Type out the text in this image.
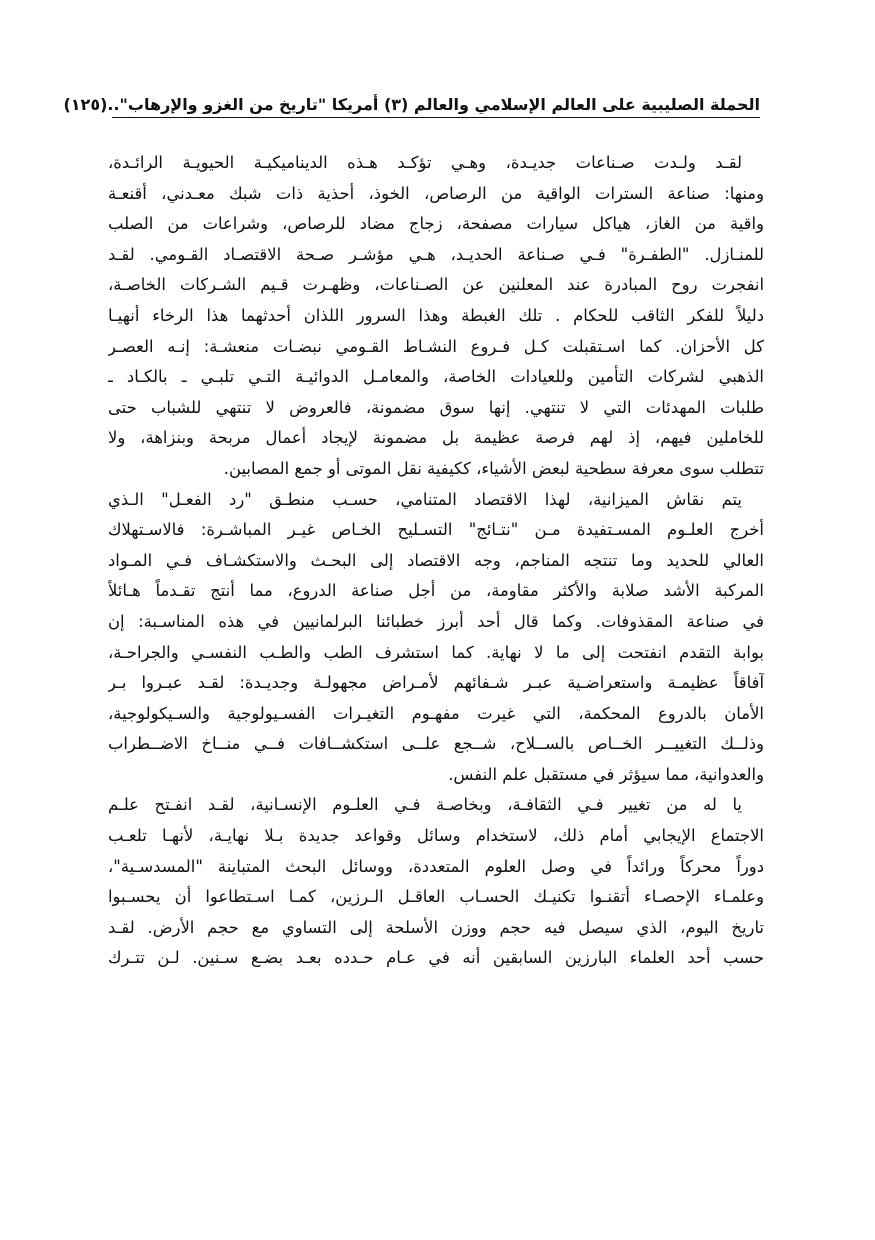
الحملة الصليبية على العالم الإسلامي والعالم (٣) أمريكا "تاريخ من الغزو والإرهاب"..
(١٢٥)

لقـد ولـدت صـناعات جديـدة، وهـي تؤكـد هـذه الديناميكيـة الحيويـة الرائـدة،
ومنها: صناعة السترات الواقية من الرصاص، الخوذ، أحذية ذات شبك معـدني، أقنعـة
واقية من الغاز، هياكل سيارات مصفحة، زجاج مضاد للرصاص، وشراعات من الصلب
للمنـازل. "الطفـرة" فـي صـناعة الحديـد، هـي مؤشـر صـحة الاقتصـاد القـومي. لقـد
انفجرت روح المبادرة عند المعلنين عن الصـناعات، وظهـرت قـيم الشـركات الخاصـة،
دليلاً للفكر الثاقب للحكام . تلك الغبطة وهذا السرور اللذان أحدثهما هذا الرخاء أنهيـا
كل الأحزان. كما اسـتقبلت كـل فـروع النشـاط القـومي نبضـات منعشـة: إنـه العصـر
الذهبي لشركات التأمين وللعيادات الخاصة، والمعامـل الدوائيـة التـي تلبـي ـ بالكـاد ـ
طلبات المهدئات التي لا تنتهي. إنها سوق مضمونة، فالعروض لا تنتهي للشباب حتى
للخاملين فيهم، إذ لهم فرصة عظيمة بل مضمونة لإيجاد أعمال مربحة وبنزاهة، ولا
تتطلب سوى معرفة سطحية لبعض الأشياء، ككيفية نقل الموتى أو جمع المصابين.

يتم نقاش الميزانية، لهذا الاقتصاد المتنامي، حسـب منطـق "رد الفعـل" الـذي
أخرج العلـوم المسـتفيدة مـن "نتـائج" التسـليح الخـاص غيـر المباشـرة: فالاسـتهلاك
العالي للحديد وما تنتجه المناجم، وجه الاقتصاد إلى البحـث والاستكشـاف فـي المـواد
المركبة الأشد صلابة والأكثر مقاومة، من أجل صناعة الدروع، مما أنتج تقـدماً هـائلاً
في صناعة المقذوفات. وكما قال أحد أبرز خطبائنا البرلمانيين في هذه المناسـبة: إن
بوابة التقدم انفتحت إلى ما لا نهاية. كما استشرف الطب والطـب النفسـي والجراحـة،
آفاقاً عظيمـة واستعراضـية عبـر شـفائهم لأمـراض مجهولـة وجديـدة: لقـد عبـروا بـر
الأمان بالدروع المحكمة، التي غيرت مفهـوم التغيـرات الفسـيولوجية والسـيكولوجية،
وذلــك التغييــر الخــاص بالســلاح، شــجع علــى استكشــافات فــي منــاخ الاضــطراب
والعدوانية، مما سيؤثر في مستقبل علم النفس.

يا له من تغيير فـي الثقافـة، وبخاصـة فـي العلـوم الإنسـانية، لقـد انفـتح علـم
الاجتماع الإيجابي أمام ذلك، لاستخدام وسائل وقواعد جديدة بـلا نهايـة، لأنهـا تلعـب
دوراً محركاً ورائداً في وصل العلوم المتعددة، ووسائل البحث المتباينة "المسدسـية"،
وعلمـاء الإحصـاء أتقنـوا تكنيـك الحسـاب العاقـل الـرزين، كمـا اسـتطاعوا أن يحسـبوا
تاريخ اليوم، الذي سيصل فيه حجم ووزن الأسلحة إلى التساوي مع حجم الأرض. لقـد
حسب أحد العلماء البارزين السابقين أنه في عـام حـدده بعـد بضـع سـنين. لـن تتـرك
